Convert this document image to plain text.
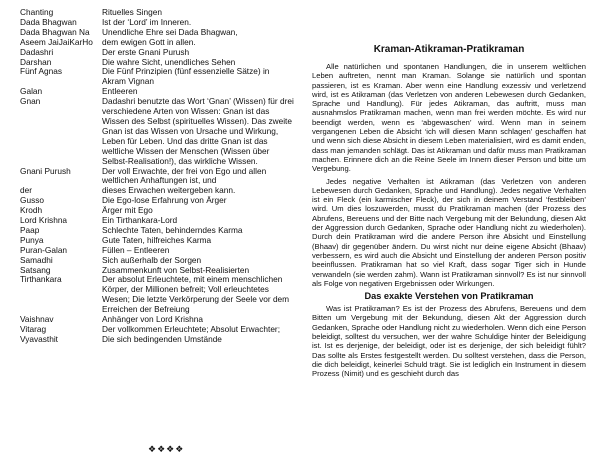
Chanting	Rituelles Singen
Dada Bhagwan	Ist der ‘Lord’ im Inneren.
Dada Bhagwan Na	Unendliche Ehre sei Dada Bhagwan,
Aseem JaiJaiKarHo	dem ewigen Gott in allen.
Dadashri	Der erste Gnani Purush
Darshan	Die wahre Sicht, unendliches Sehen
Fünf Agnas	Die Fünf Prinzipien (fünf essenzielle Sätze) in Akram Vignan
Galan	Entleeren
Gnan	Dadashri benutzte das Wort ‘Gnan’ (Wissen) für drei verschiedene Arten von Wissen: Gnan ist das Wissen des Selbst (spirituelles Wissen). Das zweite Gnan ist das Wissen von Ursache und Wirkung, Leben für Leben. Und das dritte Gnan ist das weltliche Wissen der Menschen (Wissen über Selbst-Realisation!), das wirkliche Wissen.
Gnani Purush	Der voll Erwachte, der frei von Ego und allen weltlichen Anhaftungen ist, und
der	dieses Erwachen weitergeben kann.
Gusso	Die Ego-lose Erfahrung von Ärger
Krodh	Ärger mit Ego
Lord Krishna	Ein Tirthankara-Lord
Paap	Schlechte Taten, behinderndes Karma
Punya	Gute Taten, hilfreiches Karma
Puran-Galan	Füllen – Entleeren
Samadhi	Sich außerhalb der Sorgen
Satsang	Zusammenkunft von Selbst-Realisierten
Tirthankara	Der absolut Erleuchtete, mit einem menschlichen Körper, der Millionen befreit; Voll erleuchtetes Wesen; Die letzte Verkörperung der Seele vor dem Erreichen der Befreiung
Vaishnav	Anhänger von Lord Krishna
Vitarag	Der vollkommen Erleuchtete; Absolut Erwachter;
Vyavasthit	Die sich bedingenden Umstände
❖❖❖❖
Kraman-Atikraman-Pratikraman

Alle natürlichen und spontanen Handlungen, die in unserem weltlichen Leben auftreten, nennt man Kraman. Solange sie natürlich und spontan passieren, ist es Kraman. Aber wenn eine Handlung exzessiv und verletzend wird, ist es Atikraman (das Verletzen von anderen Lebewesen durch Gedanken, Sprache und Handlung). Für jedes Atikraman, das auftritt, muss man ausnahmslos Pratikraman machen, wenn man frei werden möchte. Es wird nur beendigt werden, wenn es ‘abgewaschen’ wird. Wenn man in seinem vergangenen Leben die Absicht ‘ich will diesen Mann schlagen’ geschaffen hat und wenn sich diese Absicht in diesem Leben materialisiert, wird es damit enden, dass man jemanden schlägt. Das ist Atikraman und dafür muss man Pratikraman machen. Erinnere dich an die Reine Seele im Innern dieser Person und bitte um Vergebung.

Jedes negative Verhalten ist Atikraman (das Verletzen von anderen Lebewesen durch Gedanken, Sprache und Handlung). Jedes negative Verhalten ist ein Fleck (ein karmischer Fleck), der sich in deinem Verstand ‘festbleiben’ wird. Um dies loszuwerden, musst du Pratikraman machen (der Prozess des Abrufens, Bereuens und der Bitte nach Vergebung mit der Belundung, diesen Akt der Aggression durch Gedanken, Sprache oder Handlung nicht zu wiederholen). Durch dein Pratikraman wird die andere Person ihre Absicht und Einstellung (Bhaav) dir gegenüber ändern. Du wirst nicht nur deine eigene Absicht (Bhaav) verbessern, es wird auch die Absicht und Einstellung der anderen Person positiv beeinflussen. Pratikraman hat so viel Kraft, dass sogar Tiger sich in Hunde verwandeln (sie werden zahm). Wann ist Pratikraman sinnvoll? Es ist nur sinnvoll als Folge von negativen Ergebnissen oder Wirkungen.

Das exakte Verstehen von Pratikraman

Was ist Pratikraman? Es ist der Prozess des Abrufens, Bereuens und dem Bitten um Vergebung mit der Bekundung, diesen Akt der Aggression durch Gedanken, Sprache oder Handlung nicht zu wiederholen. Wenn dich eine Person beleidigt, solltest du versuchen, wer der wahre Schuldige hinter der Beleidigung ist. Ist es derjenige, der beleidigt, oder ist es derjenige, der sich beleidigt fühlt? Das sollte als Erstes festgestellt werden. Du solltest verstehen, dass die Person, die dich beleidigt, keinerlei Schuld trägt. Sie ist lediglich ein Instrument in diesem Prozess (Nimit) und es geschieht durch das
